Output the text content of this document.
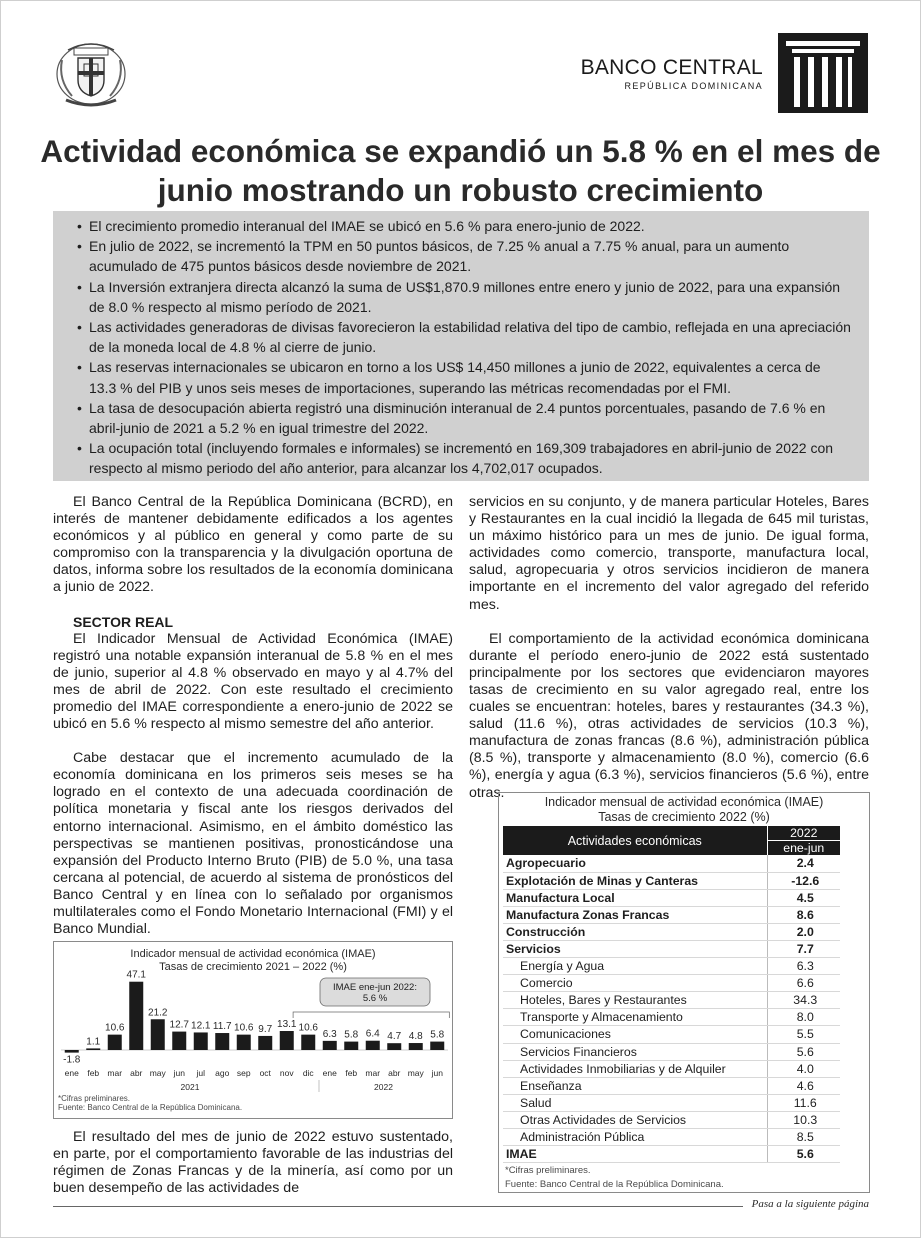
BANCO CENTRAL
REPÚBLICA DOMINICANA
Actividad económica se expandió un 5.8 % en el mes de junio mostrando un robusto crecimiento
• El crecimiento promedio interanual del IMAE se ubicó en 5.6 % para enero-junio de 2022.
• En julio de 2022, se incrementó la TPM en 50 puntos básicos, de 7.25 % anual a 7.75 % anual, para un aumento acumulado de 475 puntos básicos desde noviembre de 2021.
• La Inversión extranjera directa alcanzó la suma de US$1,870.9 millones entre enero y junio de 2022, para una expansión de 8.0 % respecto al mismo período de 2021.
• Las actividades generadoras de divisas favorecieron la estabilidad relativa del tipo de cambio, reflejada en una apreciación de la moneda local de 4.8 % al cierre de junio.
• Las reservas internacionales se ubicaron en torno a los US$ 14,450 millones a junio de 2022, equivalentes a cerca de 13.3 % del PIB y unos seis meses de importaciones, superando las métricas recomendadas por el FMI.
• La tasa de desocupación abierta registró una disminución interanual de 2.4 puntos porcentuales, pasando de 7.6 % en abril-junio de 2021 a 5.2 % en igual trimestre del 2022.
• La ocupación total (incluyendo formales e informales) se incrementó en 169,309 trabajadores en abril-junio de 2022 con respecto al mismo periodo del año anterior, para alcanzar los 4,702,017 ocupados.

El Banco Central de la República Dominicana (BCRD), en interés de mantener debidamente edificados a los agentes económicos y al público en general y como parte de su compromiso con la transparencia y la divulgación oportuna de datos, informa sobre los resultados de la economía dominicana a junio de 2022.

SECTOR REAL

El Indicador Mensual de Actividad Económica (IMAE) registró una notable expansión interanual de 5.8 % en el mes de junio, superior al 4.8 % observado en mayo y al 4.7% del mes de abril de 2022. Con este resultado el crecimiento promedio del IMAE correspondiente a enero-junio de 2022 se ubicó en 5.6 % respecto al mismo semestre del año anterior.

Cabe destacar que el incremento acumulado de la economía dominicana en los primeros seis meses se ha logrado en el contexto de una adecuada coordinación de política monetaria y fiscal ante los riesgos derivados del entorno internacional. Asimismo, en el ámbito doméstico las perspectivas se mantienen positivas, pronosticándose una expansión del Producto Interno Bruto (PIB) de 5.0 %, una tasa cercana al potencial, de acuerdo al sistema de pronósticos del Banco Central y en línea con lo señalado por organismos multilaterales como el Fondo Monetario Internacional (FMI) y el Banco Mundial.

Indicador mensual de actividad económica (IMAE)
Tasas de crecimiento 2021 – 2022 (%)
-1.8
ene
1.1
feb
10.6
mar
47.1
abr
21.2
may
12.7
jun
12.1
jul
11.7
ago
10.6
sep
9.7
oct
13.1
nov
10.6
dic
6.3
ene
5.8
feb
6.4
mar
4.7
abr
4.8
may
5.8
jun
2021	2022
IMAE ene-jun 2022:
5.6 %
*Cifras preliminares.
Fuente: Banco Central de la República Dominicana.

El resultado del mes de junio de 2022 estuvo sustentado, en parte, por el comportamiento favorable de las industrias del régimen de Zonas Francas y de la minería, así como por un buen desempeño de las actividades de

servicios en su conjunto, y de manera particular Hoteles, Bares y Restaurantes en la cual incidió la llegada de 645 mil turistas, un máximo histórico para un mes de junio. De igual forma, actividades como comercio, transporte, manufactura local, salud, agropecuaria y otros servicios incidieron de manera importante en el incremento del valor agregado del referido mes.

El comportamiento de la actividad económica dominicana durante el período enero-junio de 2022 está sustentado principalmente por los sectores que evidenciaron mayores tasas de crecimiento en su valor agregado real, entre los cuales se encuentran: hoteles, bares y restaurantes (34.3 %), salud (11.6 %), otras actividades de servicios (10.3 %), manufactura de zonas francas (8.6 %), administración pública (8.5 %), transporte y almacenamiento (8.0 %), comercio (6.6 %), energía y agua (6.3 %), servicios financieros (5.6 %), entre otras.

Indicador mensual de actividad económica (IMAE)
Tasas de crecimiento 2022 (%)
Actividades económicas	2022
	ene-jun
Agropecuario	2.4
Explotación de Minas y Canteras	-12.6
Manufactura Local	4.5
Manufactura Zonas Francas	8.6
Construcción	2.0
Servicios	7.7
Energía y Agua	6.3
Comercio	6.6
Hoteles, Bares y Restaurantes	34.3
Transporte y Almacenamiento	8.0
Comunicaciones	5.5
Servicios Financieros	5.6
Actividades Inmobiliarias y de Alquiler	4.0
Enseñanza	4.6
Salud	11.6
Otras Actividades de Servicios	10.3
Administración Pública	8.5
IMAE	5.6
*Cifras preliminares.
Fuente: Banco Central de la República Dominicana.
Pasa a la siguiente página
